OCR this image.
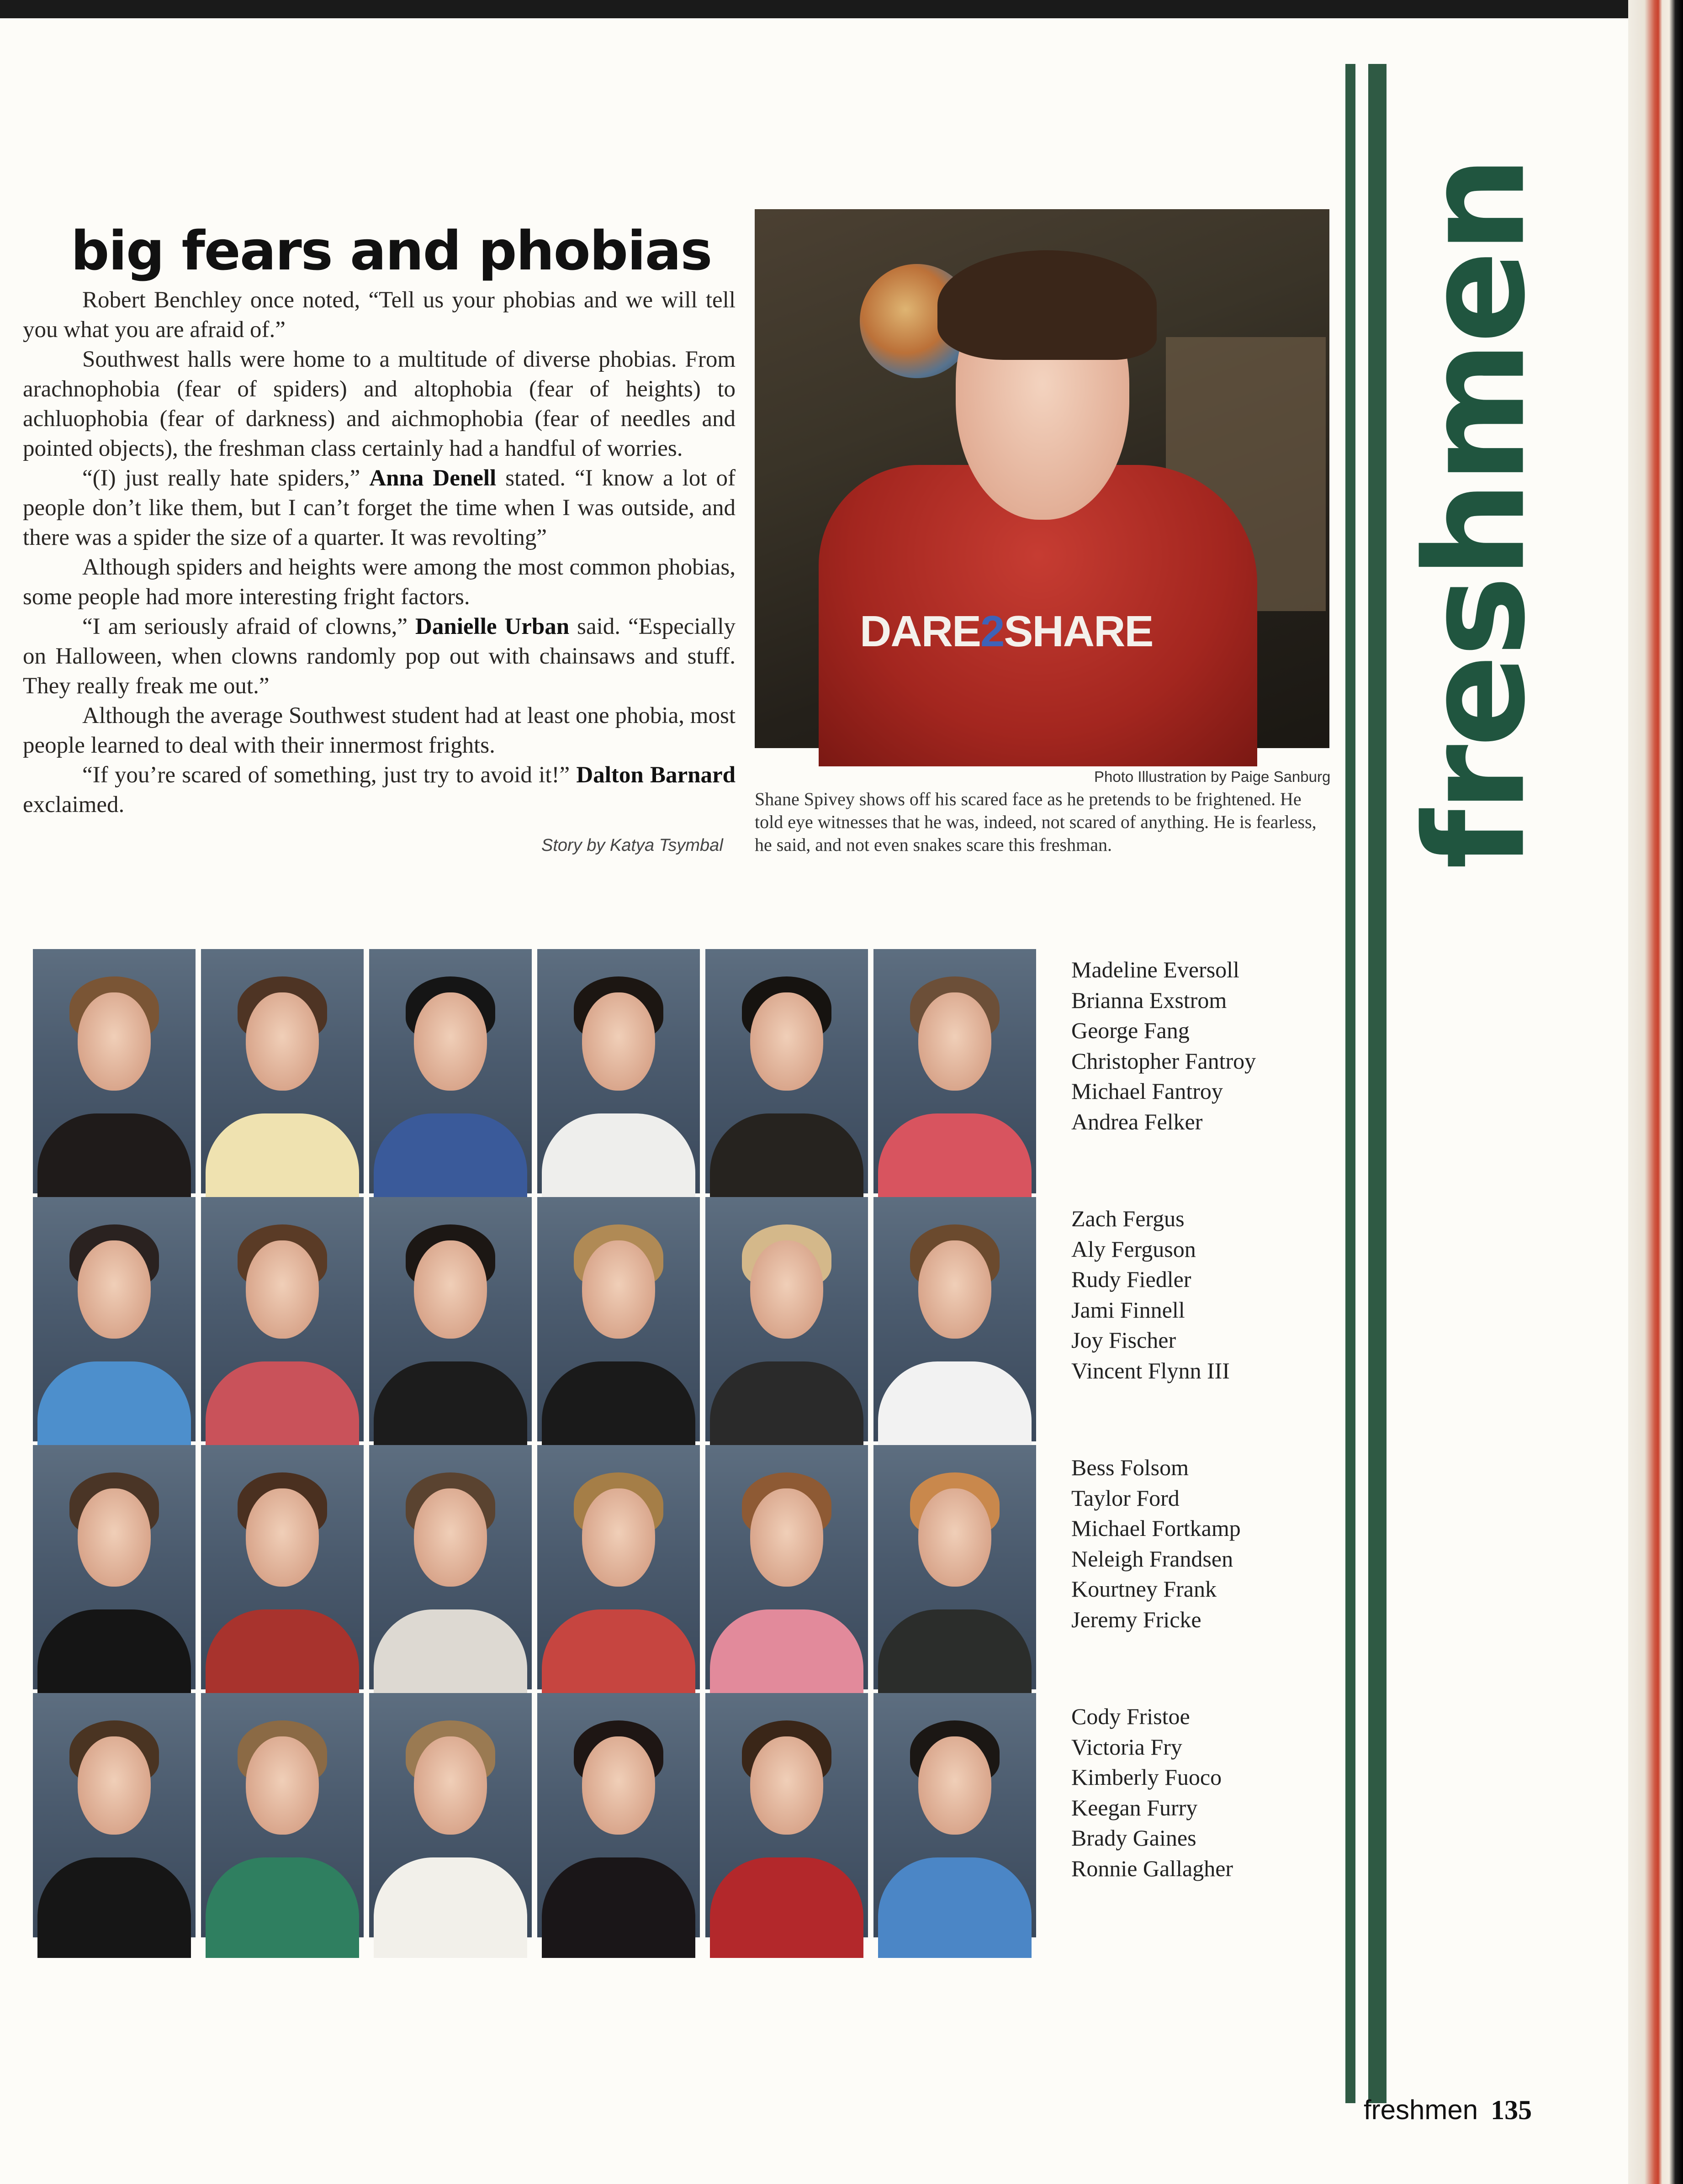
big fears and phobias

Robert Benchley once noted, “Tell us your phobias and we will tell you what you are afraid of.”

Southwest halls were home to a multitude of diverse phobias. From arachnophobia (fear of spiders) and altophobia (fear of heights) to achluophobia (fear of darkness) and aichmophobia (fear of needles and pointed objects), the freshman class certainly had a handful of worries.

“(I) just really hate spiders,” Anna Denell stated. “I know a lot of people don’t like them, but I can’t forget the time when I was outside, and there was a spider the size of a quarter. It was revolting”

Although spiders and heights were among the most common phobias, some people had more interesting fright factors.

“I am seriously afraid of clowns,” Danielle Urban said. “Especially on Halloween, when clowns randomly pop out with chainsaws and stuff. They really freak me out.”

Although the average Southwest student had at least one phobia, most people learned to deal with their innermost frights.

“If you’re scared of something, just try to avoid it!” Dalton Barnard exclaimed.

Story by Katya Tsymbal
DARE2SHARE
Photo Illustration by Paige Sanburg
Shane Spivey shows off his scared face as he pretends to be frightened. He told eye witnesses that he was, indeed, not scared of anything. He is fearless, he said, and not even snakes scare this freshman.	freshmen
Madeline Eversoll
Brianna Exstrom
George Fang
Christopher Fantroy
Michael Fantroy
Andrea Felker
Zach Fergus
Aly Ferguson
Rudy Fiedler
Jami Finnell
Joy Fischer
Vincent Flynn III
Bess Folsom
Taylor Ford
Michael Fortkamp
Neleigh Frandsen
Kourtney Frank
Jeremy Fricke
Cody Fristoe
Victoria Fry
Kimberly Fuoco
Keegan Furry
Brady Gaines
Ronnie Gallagher
freshmen 135
